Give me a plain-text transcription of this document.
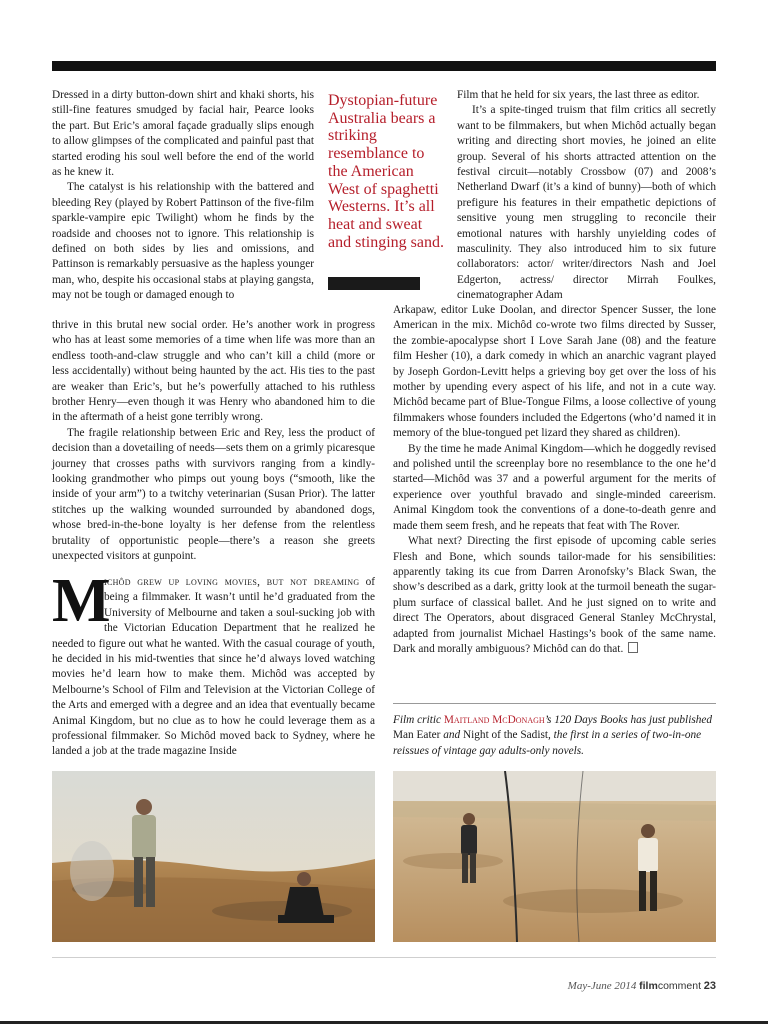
Dressed in a dirty button-down shirt and khaki shorts, his still-fine features smudged by facial hair, Pearce looks the part. But Eric’s amoral façade gradually slips enough to allow glimpses of the complicated and painful past that started eroding his soul well before the end of the world as he knew it.

The catalyst is his relationship with the battered and bleeding Rey (played by Robert Pattinson of the five-film sparkle-vampire epic Twilight) whom he finds by the roadside and chooses not to ignore. This relationship is defined on both sides by lies and omissions, and Pattinson is remarkably persuasive as the hapless younger man, who, despite his occasional stabs at playing gangsta, may not be tough or damaged enough to

Dystopian-future Australia bears a striking resemblance to the American West of spaghetti Westerns. It’s all heat and sweat and stinging sand.

thrive in this brutal new social order. He’s another work in progress who has at least some memories of a time when life was more than an endless tooth-and-claw struggle and who can’t kill a child (more or less accidentally) without being haunted by the act. His ties to the past are weaker than Eric’s, but he’s powerfully attached to his ruthless brother Henry—even though it was Henry who abandoned him to die in the aftermath of a heist gone terribly wrong.

The fragile relationship between Eric and Rey, less the product of decision than a dovetailing of needs—sets them on a grimly picaresque journey that crosses paths with survivors ranging from a kindly-looking grandmother who pimps out young boys (“smooth, like the inside of your arm”) to a twitchy veterinarian (Susan Prior). The latter stitches up the walking wounded surrounded by abandoned dogs, whose bred-in-the-bone loyalty is her defense from the relentless brutality of opportunistic people—there’s a reason she greets unexpected visitors at gunpoint.

M

ichôd grew up loving movies, but not dreaming of being a filmmaker. It wasn’t until he’d graduated from the University of Melbourne and taken a soul-sucking job with the Victorian Education Department that he realized he needed to figure out what he wanted. With the casual courage of youth, he decided in his mid-twenties that since he’d always loved watching movies he’d learn how to make them. Michôd was accepted by Melbourne’s School of Film and Television at the Victorian College of the Arts and emerged with a degree and an idea that eventually became Animal Kingdom, but no clue as to how he could leverage them as a professional filmmaker. So Michôd moved back to Sydney, where he landed a job at the trade magazine Inside

Film that he held for six years, the last three as editor.

It’s a spite-tinged truism that film critics all secretly want to be filmmakers, but when Michôd actually began writing and directing short movies, he joined an elite group. Several of his shorts attracted attention on the festival circuit—notably Crossbow (07) and 2008’s Netherland Dwarf (it’s a kind of bunny)—both of which prefigure his features in their empathetic depictions of sensitive young men struggling to reconcile their emotional natures with harshly unyielding codes of masculinity. They also introduced him to six future collaborators: actor/ writer/directors Nash and Joel Edgerton, actress/ director Mirrah Foulkes, cinematographer Adam

Arkapaw, editor Luke Doolan, and director Spencer Susser, the lone American in the mix. Michôd co-wrote two films directed by Susser, the zombie-apocalypse short I Love Sarah Jane (08) and the feature film Hesher (10), a dark comedy in which an anarchic vagrant played by Joseph Gordon-Levitt helps a grieving boy get over the loss of his mother by upending every aspect of his life, and not in a cute way. Michôd became part of Blue-Tongue Films, a loose collective of young filmmakers whose founders included the Edgertons (who’d named it in memory of the blue-tongued pet lizard they shared as children).

By the time he made Animal Kingdom—which he doggedly revised and polished until the screenplay bore no resemblance to the one he’d started—Michôd was 37 and a powerful argument for the merits of experience over youthful bravado and single-minded careerism. Animal Kingdom took the conventions of a done-to-death genre and made them seem fresh, and he repeats that feat with The Rover.

What next? Directing the first episode of upcoming cable series Flesh and Bone, which sounds tailor-made for his sensibilities: apparently taking its cue from Darren Aronofsky’s Black Swan, the show’s described as a dark, gritty look at the turmoil beneath the sugar-plum surface of classical ballet. And he just signed on to write and direct The Operators, about disgraced General Stanley McChrystal, adapted from journalist Michael Hastings’s book of the same name. Dark and morally ambiguous? Michôd can do that.

Film critic Maitland McDonagh’s 120 Days Books has just published Man Eater and Night of the Sadist, the first in a series of two-in-one reissues of vintage gay adults-only novels.
May-June 2014 filmcomment 23
